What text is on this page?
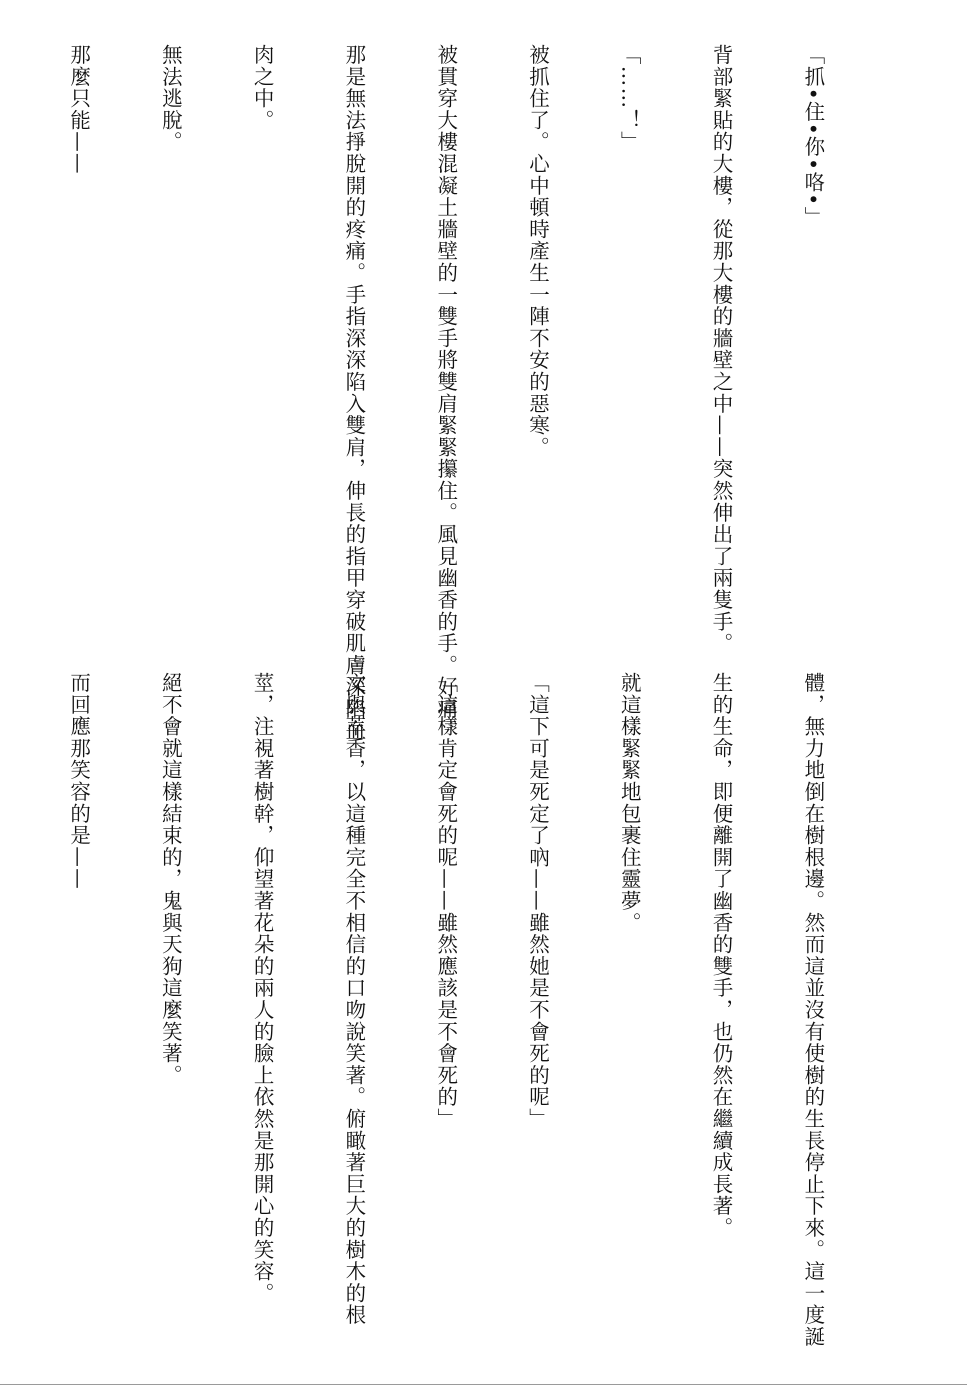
「抓•住•你•咯•」

背部緊貼的大樓，從那大樓的牆壁之中——突然伸出了兩隻手。

「……！」

被抓住了。心中頓時產生一陣不安的惡寒。

被貫穿大樓混凝土牆壁的一雙手將雙肩緊緊攥住。風見幽香的手。好痛。

那是無法掙脫開的疼痛。手指深深陷入雙肩，伸長的指甲穿破肌膚深陷血

肉之中。

無法逃脫。

那麼只能——

體，無力地倒在樹根邊。然而這並沒有使樹的生長停止下來。這一度誕

生的生命，即便離開了幽香的雙手，也仍然在繼續成長著。

就這樣緊緊地包裹住靈夢。

「這下可是死定了吶——雖然她是不會死的呢」

「這樣肯定會死的呢——雖然應該是不會死的」

文與萃香，以這種完全不相信的口吻說笑著。俯瞰著巨大的樹木的根

莖，注視著樹幹，仰望著花朵的兩人的臉上依然是那開心的笑容。

絕不會就這樣結束的，鬼與天狗這麼笑著。

而回應那笑容的是——
